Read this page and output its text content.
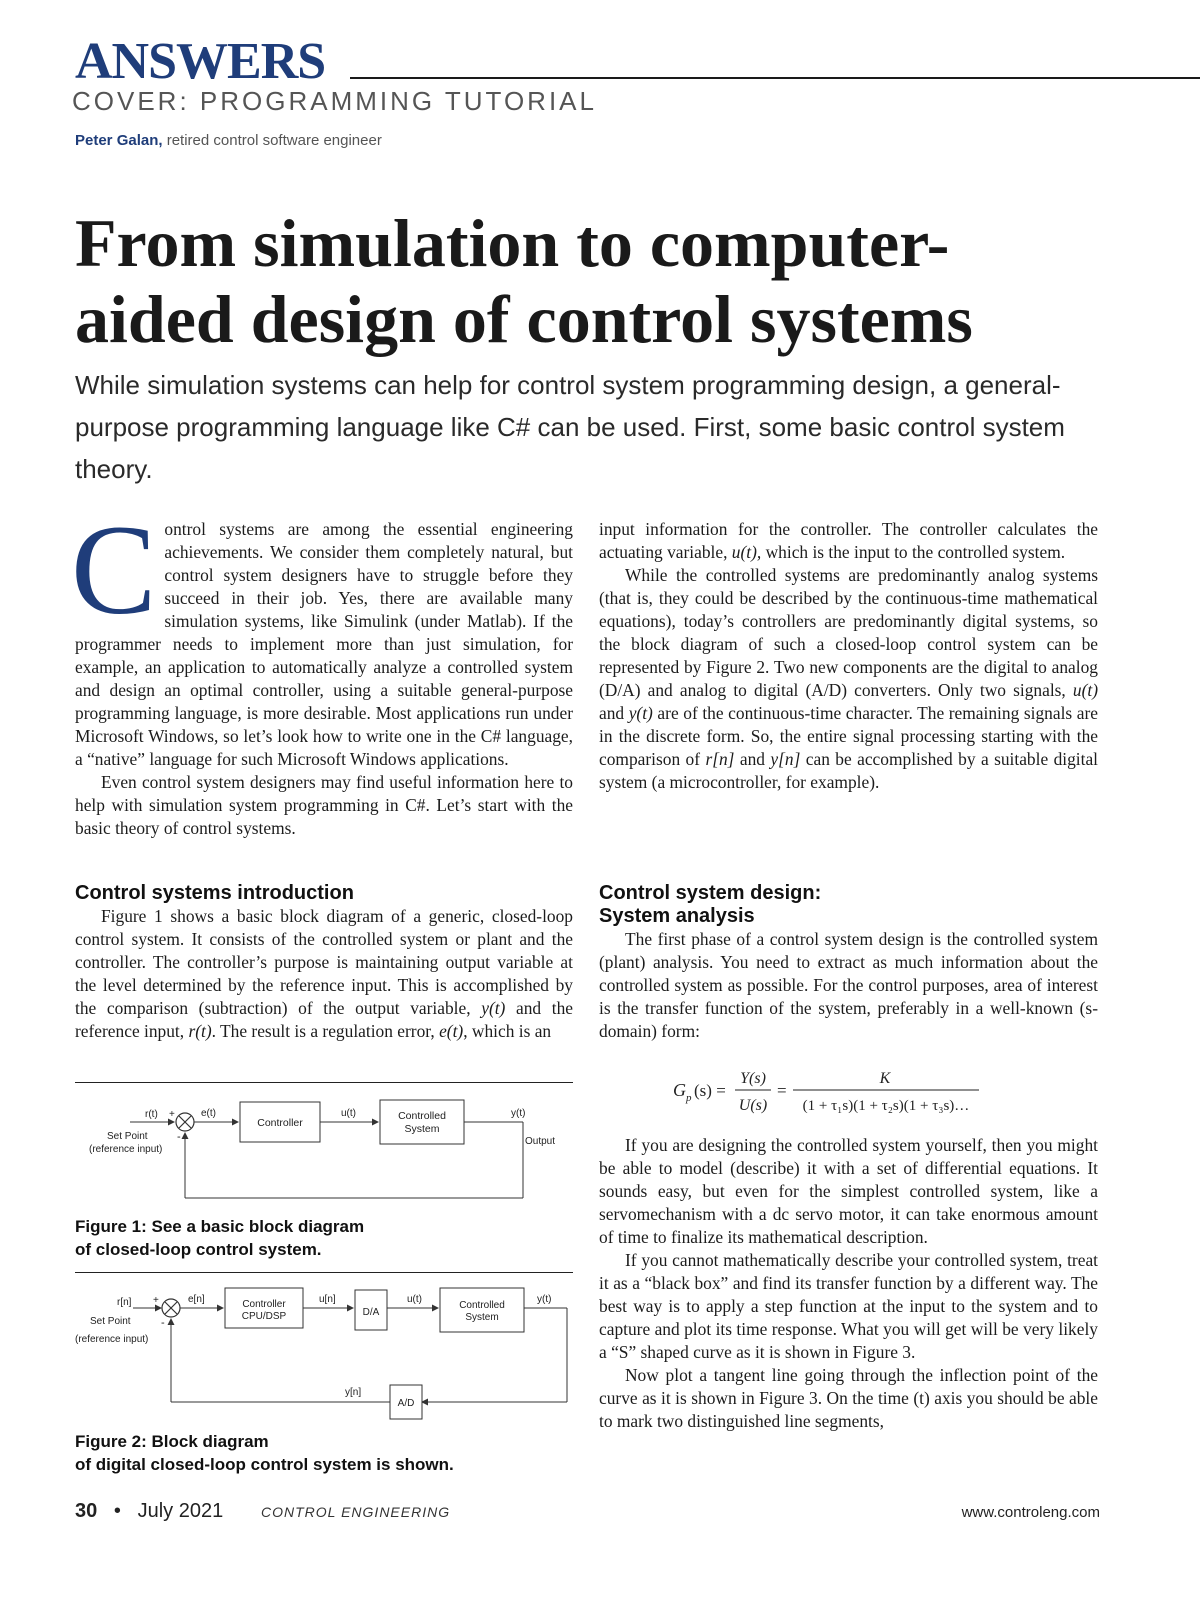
ANSWERS
COVER: PROGRAMMING TUTORIAL
Peter Galan, retired control software engineer
From simulation to computer-
aided design of control systems

While simulation systems can help for control system programming design, a general-purpose programming language like C# can be used. First, some basic control system theory.

Control systems are among the essential engineering achievements. We consider them completely natural, but control system designers have to struggle before they succeed in their job. Yes, there are available many simulation systems, like Simulink (under Matlab). If the programmer needs to implement more than just simulation, for example, an application to automatically analyze a controlled system and design an optimal controller, using a suitable general-purpose programming language, is more desirable. Most applications run under Microsoft Windows, so let’s look how to write one in the C# language, a “native” language for such Microsoft Windows applications.

Even control system designers may find useful information here to help with simulation system programming in C#. Let’s start with the basic theory of control systems.

Control systems introduction

Figure 1 shows a basic block diagram of a generic, closed-loop control system. It consists of the controlled system or plant and the controller. The controller’s purpose is maintaining output variable at the level determined by the reference input. This is accomplished by the comparison (subtraction) of the output variable, y(t) and the reference input, r(t). The result is a regulation error, e(t), which is an

r(t) +
-
e(t)
Set Point
(reference input)
Controller
u(t)	Controlled
System
y(t)
Output
Figure 1: See a basic block diagram
of closed-loop control system.
r[n] +
-
e[n]
Set Point
(reference input)
Controller
CPU/DSP
u[n]
D/A
u(t)
Controlled
System
y(t)
y[n]
A/D
Figure 2: Block diagram
of digital closed-loop control system is shown.

input information for the controller. The controller calculates the actuating variable, u(t), which is the input to the controlled system.

While the controlled systems are predominantly analog systems (that is, they could be described by the continuous-time mathematical equations), today’s controllers are predominantly digital systems, so the block diagram of such a closed-loop control system can be represented by Figure 2. Two new components are the digital to analog (D/A) and analog to digital (A/D) converters. Only two signals, u(t) and y(t) are of the continuous-time character. The remaining signals are in the discrete form. So, the entire signal processing starting with the comparison of r[n] and y[n] can be accomplished by a suitable digital system (a microcontroller, for example).

Control system design:
System analysis

The first phase of a control system design is the controlled system (plant) analysis. You need to extract as much information about the controlled system as possible. For the control purposes, area of interest is the transfer function of the system, preferably in a well-known (s-domain) form:

G p (s) =
Y(s)
U(s)
=
K
(1 + τ₁s)(1 + τ₂s)(1 + τ₃s)…

If you are designing the controlled system yourself, then you might be able to model (describe) it with a set of differential equations. It sounds easy, but even for the simplest controlled system, like a servomechanism with a dc servo motor, it can take enormous amount of time to finalize its mathematical description.

If you cannot mathematically describe your controlled system, treat it as a “black box” and find its transfer function by a different way. The best way is to apply a step function at the input to the system and to capture and plot its time response. What you will get will be very likely a “S” shaped curve as it is shown in Figure 3.

Now plot a tangent line going through the inflection point of the curve as it is shown in Figure 3. On the time (t) axis you should be able to mark two distinguished line segments,

30 • July 2021	CONTROL ENGINEERING	www.controleng.com
